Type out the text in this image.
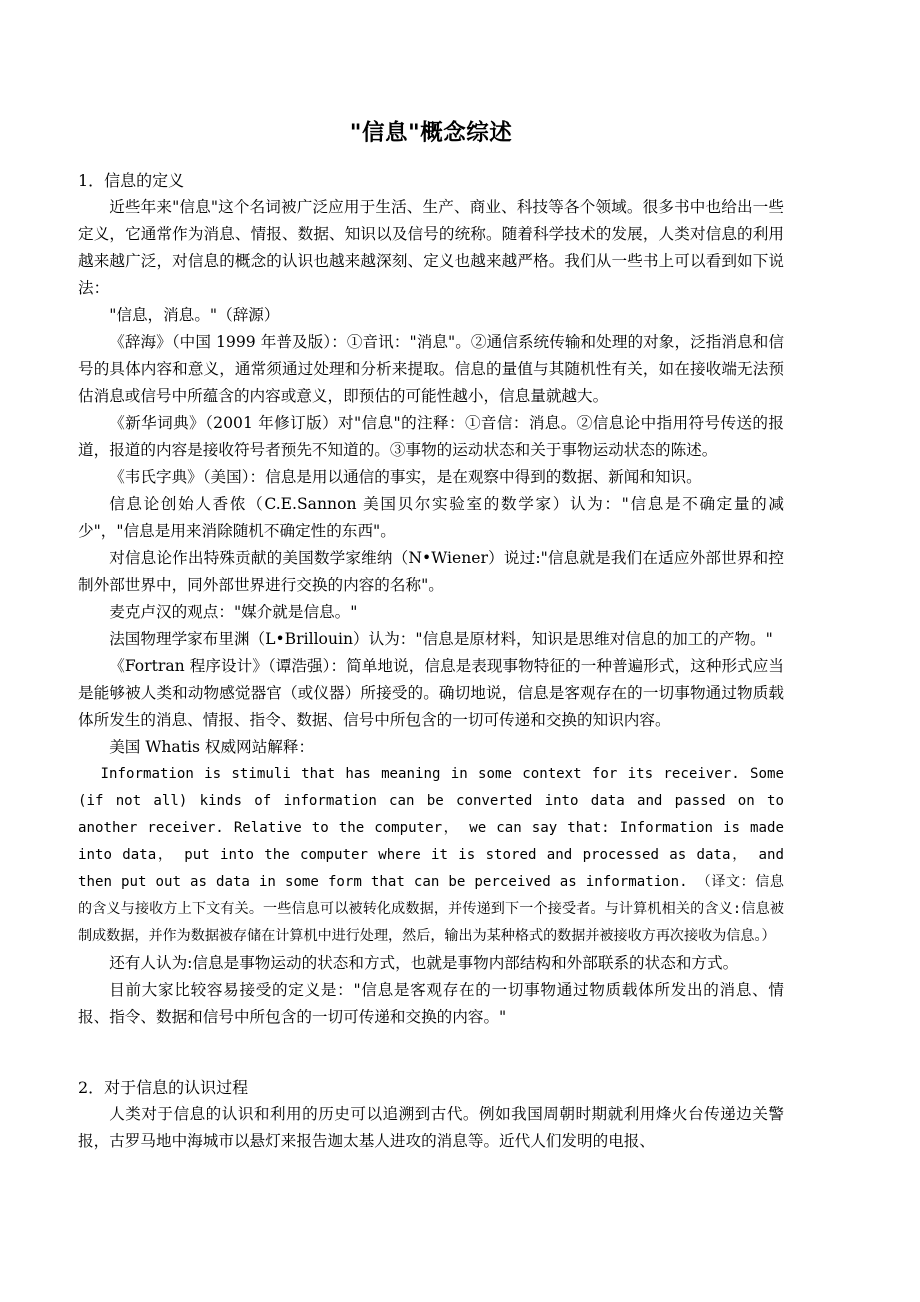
"信息"概念综述
1．信息的定义

近些年来"信息"这个名词被广泛应用于生活、生产、商业、科技等各个领域。很多书中也给出一些定义，它通常作为消息、情报、数据、知识以及信号的统称。随着科学技术的发展，人类对信息的利用越来越广泛，对信息的概念的认识也越来越深刻、定义也越来越严格。我们从一些书上可以看到如下说法：

"信息，消息。"（辞源）

《辞海》（中国 1999 年普及版）：①音讯："消息"。②通信系统传输和处理的对象，泛指消息和信号的具体内容和意义，通常须通过处理和分析来提取。信息的量值与其随机性有关，如在接收端无法预估消息或信号中所蕴含的内容或意义，即预估的可能性越小，信息量就越大。

《新华词典》（2001 年修订版）对"信息"的注释：①音信：消息。②信息论中指用符号传送的报道，报道的内容是接收符号者预先不知道的。③事物的运动状态和关于事物运动状态的陈述。

《韦氏字典》（美国）：信息是用以通信的事实，是在观察中得到的数据、新闻和知识。

信息论创始人香侬（C.E.Sannon 美国贝尔实验室的数学家）认为："信息是不确定量的减少"，"信息是用来消除随机不确定性的东西"。

对信息论作出特殊贡献的美国数学家维纳（N•Wiener）说过:"信息就是我们在适应外部世界和控制外部世界中，同外部世界进行交换的内容的名称"。

麦克卢汉的观点："媒介就是信息。"

法国物理学家布里渊（L•Brillouin）认为："信息是原材料，知识是思维对信息的加工的产物。"

《Fortran 程序设计》（谭浩强）：简单地说，信息是表现事物特征的一种普遍形式，这种形式应当是能够被人类和动物感觉器官（或仪器）所接受的。确切地说，信息是客观存在的一切事物通过物质载体所发生的消息、情报、指令、数据、信号中所包含的一切可传递和交换的知识内容。

美国 Whatis 权威网站解释：

Information is stimuli that has meaning in some context for its receiver. Some (if not all) kinds of information can be converted into data and passed on to another receiver. Relative to the computer， we can say that: Information is made into data， put into the computer where it is stored and processed as data， and then put out as data in some form that can be perceived as information. （译文：信息的含义与接收方上下文有关。一些信息可以被转化成数据，并传递到下一个接受者。与计算机相关的含义:信息被制成数据，并作为数据被存储在计算机中进行处理，然后，输出为某种格式的数据并被接收方再次接收为信息。）

还有人认为:信息是事物运动的状态和方式，也就是事物内部结构和外部联系的状态和方式。

目前大家比较容易接受的定义是："信息是客观存在的一切事物通过物质载体所发出的消息、情报、指令、数据和信号中所包含的一切可传递和交换的内容。"

2．对于信息的认识过程

人类对于信息的认识和利用的历史可以追溯到古代。例如我国周朝时期就利用烽火台传递边关警报，古罗马地中海城市以悬灯来报告迦太基人进攻的消息等。近代人们发明的电报、
